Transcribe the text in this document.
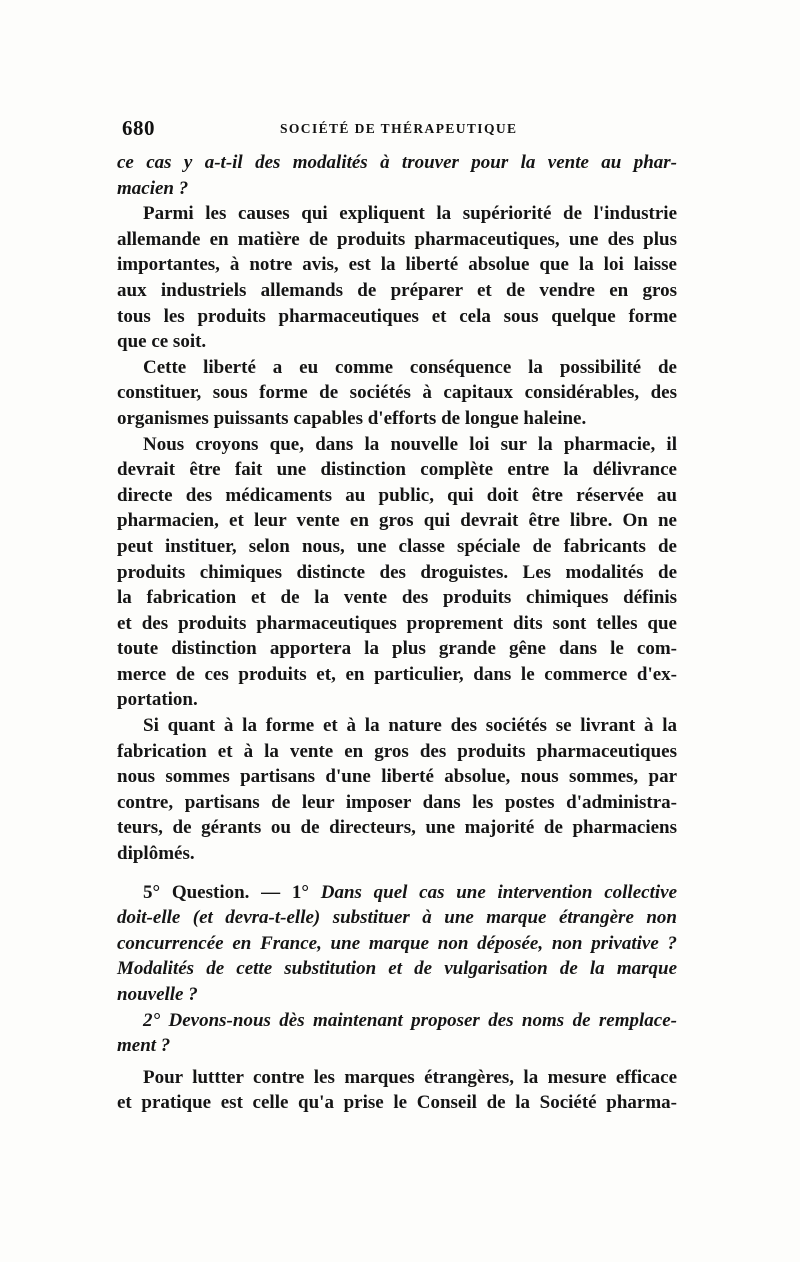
680	SOCIÉTÉ DE THÉRAPEUTIQUE
ce cas y a-t-il des modalités à trouver pour la vente au phar-
macien ?
Parmi les causes qui expliquent la supériorité de l'industrie
allemande en matière de produits pharmaceutiques, une des plus
importantes, à notre avis, est la liberté absolue que la loi laisse
aux industriels allemands de préparer et de vendre en gros
tous les produits pharmaceutiques et cela sous quelque forme
que ce soit.
Cette liberté a eu comme conséquence la possibilité de
constituer, sous forme de sociétés à capitaux considérables, des
organismes puissants capables d'efforts de longue haleine.
Nous croyons que, dans la nouvelle loi sur la pharmacie, il
devrait être fait une distinction complète entre la délivrance
directe des médicaments au public, qui doit être réservée au
pharmacien, et leur vente en gros qui devrait être libre. On ne
peut instituer, selon nous, une classe spéciale de fabricants de
produits chimiques distincte des droguistes. Les modalités de
la fabrication et de la vente des produits chimiques définis
et des produits pharmaceutiques proprement dits sont telles que
toute distinction apportera la plus grande gêne dans le com-
merce de ces produits et, en particulier, dans le commerce d'ex-
portation.
Si quant à la forme et à la nature des sociétés se livrant à la
fabrication et à la vente en gros des produits pharmaceutiques
nous sommes partisans d'une liberté absolue, nous sommes, par
contre, partisans de leur imposer dans les postes d'administra-
teurs, de gérants ou de directeurs, une majorité de pharmaciens
diplômés.
5° Question. — 1° Dans quel cas une intervention collective
doit-elle (et devra-t-elle) substituer à une marque étrangère non
concurrencée en France, une marque non déposée, non privative ?
Modalités de cette substitution et de vulgarisation de la marque
nouvelle ?
2° Devons-nous dès maintenant proposer des noms de remplace-
ment ?
Pour luttter contre les marques étrangères, la mesure efficace
et pratique est celle qu'a prise le Conseil de la Société pharma-
